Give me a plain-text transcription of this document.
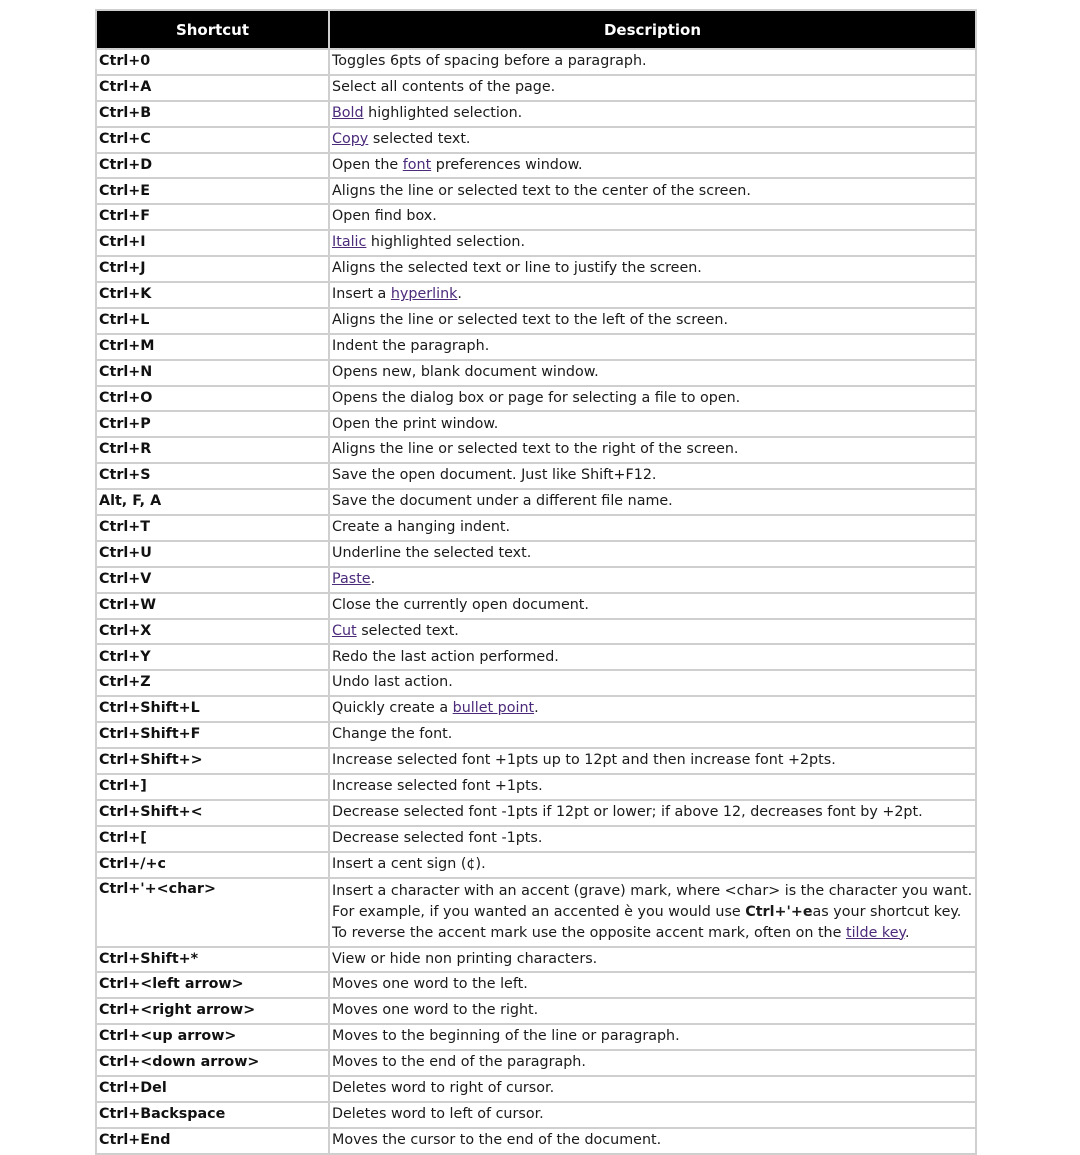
Shortcut	Description
Ctrl+0	Toggles 6pts of spacing before a paragraph.
Ctrl+A	Select all contents of the page.
Ctrl+B	Bold highlighted selection.
Ctrl+C	Copy selected text.
Ctrl+D	Open the font preferences window.
Ctrl+E	Aligns the line or selected text to the center of the screen.
Ctrl+F	Open find box.
Ctrl+I	Italic highlighted selection.
Ctrl+J	Aligns the selected text or line to justify the screen.
Ctrl+K	Insert a hyperlink.
Ctrl+L	Aligns the line or selected text to the left of the screen.
Ctrl+M	Indent the paragraph.
Ctrl+N	Opens new, blank document window.
Ctrl+O	Opens the dialog box or page for selecting a file to open.
Ctrl+P	Open the print window.
Ctrl+R	Aligns the line or selected text to the right of the screen.
Ctrl+S	Save the open document. Just like Shift+F12.
Alt, F, A	Save the document under a different file name.
Ctrl+T	Create a hanging indent.
Ctrl+U	Underline the selected text.
Ctrl+V	Paste.
Ctrl+W	Close the currently open document.
Ctrl+X	Cut selected text.
Ctrl+Y	Redo the last action performed.
Ctrl+Z	Undo last action.
Ctrl+Shift+L	Quickly create a bullet point.
Ctrl+Shift+F	Change the font.
Ctrl+Shift+>	Increase selected font +1pts up to 12pt and then increase font +2pts.
Ctrl+]	Increase selected font +1pts.
Ctrl+Shift+<	Decrease selected font -1pts if 12pt or lower; if above 12, decreases font by +2pt.
Ctrl+[	Decrease selected font -1pts.
Ctrl+/+c	Insert a cent sign (¢).
Ctrl+'+<char>	Insert a character with an accent (grave) mark, where <char> is the character you want. For example, if you wanted an accented è you would use Ctrl+'+eas your shortcut key. To reverse the accent mark use the opposite accent mark, often on the tilde key.
Ctrl+Shift+*	View or hide non printing characters.
Ctrl+<left arrow>	Moves one word to the left.
Ctrl+<right arrow>	Moves one word to the right.
Ctrl+<up arrow>	Moves to the beginning of the line or paragraph.
Ctrl+<down arrow>	Moves to the end of the paragraph.
Ctrl+Del	Deletes word to right of cursor.
Ctrl+Backspace	Deletes word to left of cursor.
Ctrl+End	Moves the cursor to the end of the document.
